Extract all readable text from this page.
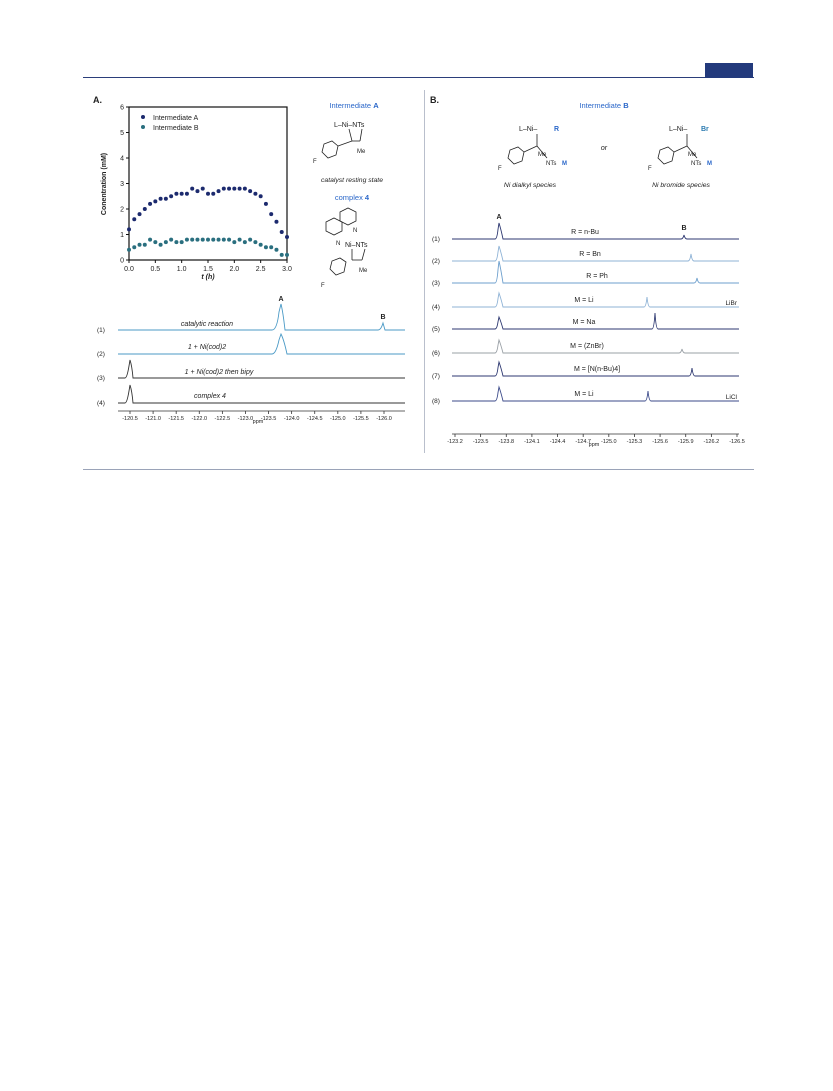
A.
0
1
2
3
4
5
6
0.0 0.5 1.0 1.5 2.0 2.5 3.0
Conentration (mM)
t (h)
Intermediate A
Intermediate B
Intermediate A
L–Ni–NTs
F
Me
catalyst resting state
complex 4
N
N Ni–NTs
F
Me
A
B
(1)
(2)
(3)
(4)
catalytic reaction
1 + Ni(cod)2
1 + Ni(cod)2 then bipy
complex 4
-120.5 -121.0 -121.5 -122.0 -122.5 -123.0 -123.5 -124.0 -124.5 -125.0 -125.5 -126.0
ppm
B.
Intermediate B
L–Ni– R
F
Me
NTs M
or
L–Ni– Br
F
Me
NTs M
Ni dialkyl species	Ni bromide species
A
B
ppm
(1)
R = n-Bu
(2)
R = Bn
(3)
R = Ph
(4)
M = Li	LiBr
(5)
M = Na
(6)
M = (ZnBr)
(7)
M = [N(n-Bu)4]
(8)
M = Li	LiCl
-123.2 -123.5 -123.8 -124.1 -124.4 -124.7 -125.0 -125.3 -125.6 -125.9 -126.2 -126.5
